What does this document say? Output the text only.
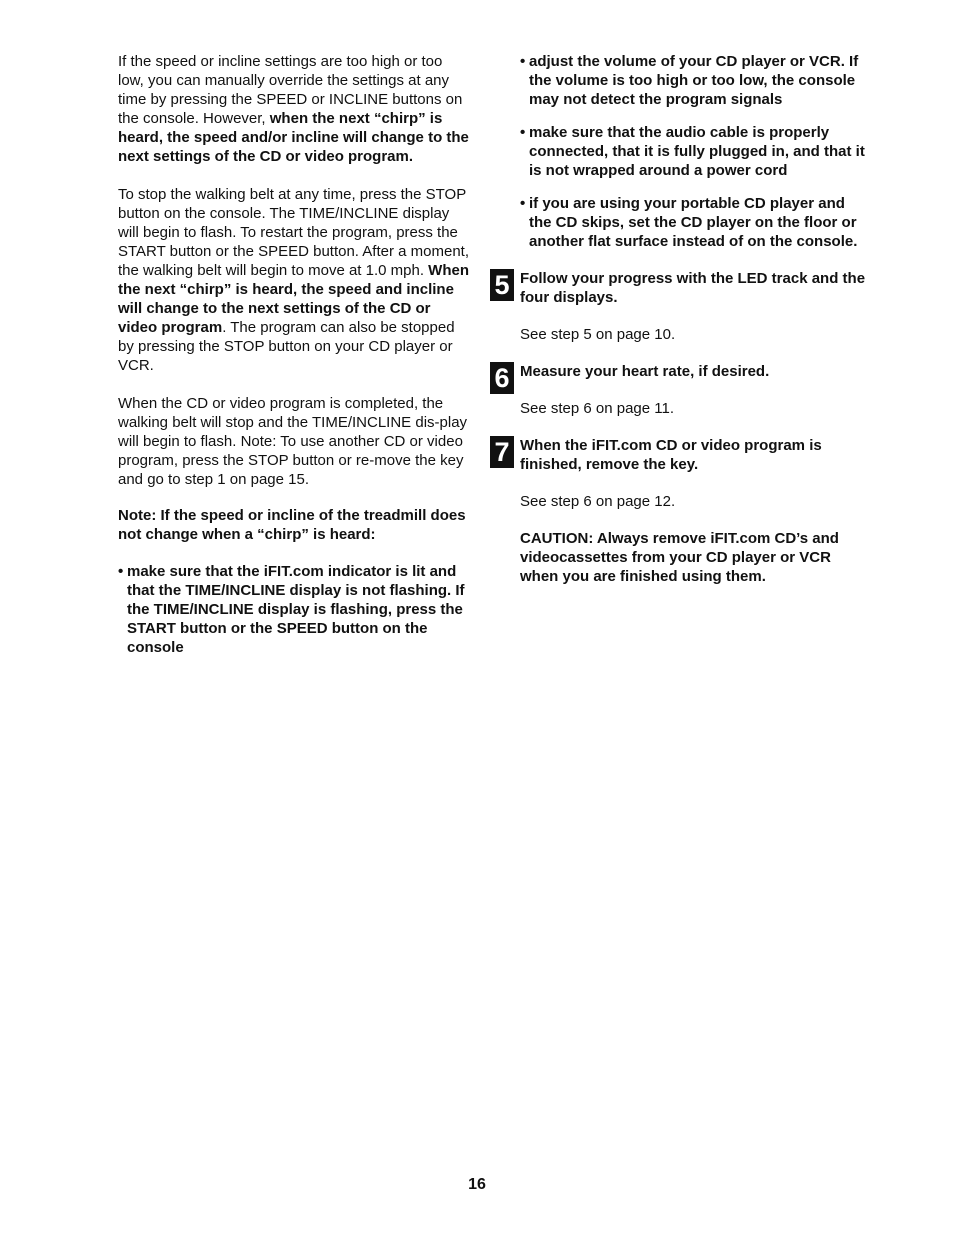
If the speed or incline settings are too high or too low, you can manually override the settings at any time by pressing the SPEED or INCLINE buttons on the console. However, when the next “chirp” is heard, the speed and/or incline will change to the next settings of the CD or video program.

To stop the walking belt at any time, press the STOP button on the console. The TIME/INCLINE display will begin to flash. To restart the program, press the START button or the SPEED button. After a moment, the walking belt will begin to move at 1.0 mph. When the next “chirp” is heard, the speed and incline will change to the next settings of the CD or video program. The program can also be stopped by pressing the STOP button on your CD player or VCR.

When the CD or video program is completed, the walking belt will stop and the TIME/INCLINE dis-play will begin to flash. Note: To use another CD or video program, press the STOP button or re-move the key and go to step 1 on page 15.

Note: If the speed or incline of the treadmill does not change when a “chirp” is heard:

• make sure that the iFIT.com indicator is lit and that the TIME/INCLINE display is not flashing. If the TIME/INCLINE display is flashing, press the START button or the SPEED button on the console
• adjust the volume of your CD player or VCR. If the volume is too high or too low, the console may not detect the program signals
• make sure that the audio cable is properly connected, that it is fully plugged in, and that it is not wrapped around a power cord
• if you are using your portable CD player and the CD skips, set the CD player on the floor or another flat surface instead of on the console.
5 Follow your progress with the LED track and the four displays.

See step 5 on page 10.

6 Measure your heart rate, if desired.

See step 6 on page 11.

7 When the iFIT.com CD or video program is finished, remove the key.

See step 6 on page 12.

CAUTION: Always remove iFIT.com CD’s and videocassettes from your CD player or VCR when you are finished using them.

16
